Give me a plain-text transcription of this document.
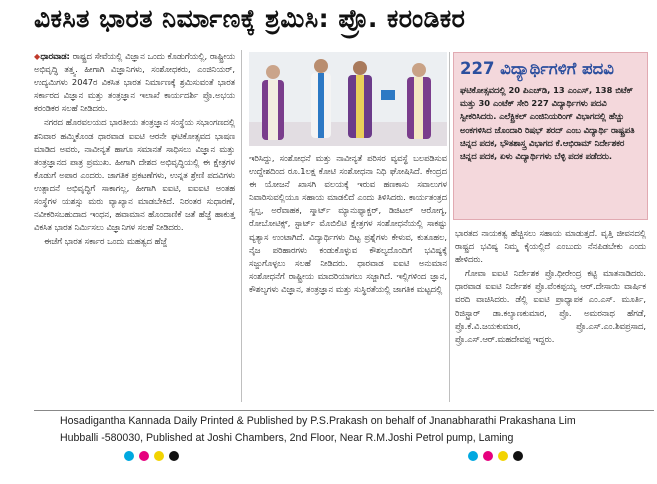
ವಿಕಸಿತ ಭಾರತ ನಿರ್ಮಾಣಕ್ಕೆ ಶ್ರಮಿಸಿ: ಪ್ರೊ. ಕರಂಡಿಕರ

◆ಧಾರವಾಡ: ರಾಷ್ಟ್ರದ ಸೇವೆಯಲ್ಲಿ ವಿಜ್ಞಾನ ಒಂದು ಕೊಡುಗೆಯಲ್ಲಿ, ರಾಷ್ಟ್ರೀಯ ಅಭಿವೃದ್ಧಿ ತತ್ತ್ವ. ಹೀಗಾಗಿ ವಿಜ್ಞಾನಿಗಳು, ಸಂಶೋಧಕರು, ಎಂಜಿನಿಯರ್, ಉದ್ಯಮಿಗಳು 2047ರ ವಿಕಸಿತ ಭಾರತ ನಿರ್ಮಾಣಕ್ಕೆ ಶ್ರಮಿಸುವಂತೆ ಭಾರತ ಸರ್ಕಾರದ ವಿಜ್ಞಾನ ಮತ್ತು ತಂತ್ರಜ್ಞಾನ ಇಲಾಖೆ ಕಾರ್ಯದರ್ಶಿ ಪ್ರೊ.ಅಭಯ ಕರಂಡಿಕರ ಸಲಹೆ ನೀಡಿದರು.

ನಗರದ ಹೊರವಲಯದ ಭಾರತೀಯ ತಂತ್ರಜ್ಞಾನ ಸಂಸ್ಥೆಯ ಸಭಾಂಗಣದಲ್ಲಿ ಶನಿವಾರ ಹಮ್ಮಿಕೊಂಡ ಧಾರವಾಡ ಐಐಟಿ ಆರನೇ ಘಟಿಕೋತ್ಸವದ ಭಾಷಣ ಮಾಡಿದ ಅವರು, ನಾವೀನ್ಯತೆ ಹಾಗೂ ಸಮಾನತೆ ಸಾಧಿಸಲು ವಿಜ್ಞಾನ ಮತ್ತು ತಂತ್ರಜ್ಞಾನದ ಪಾತ್ರ ಪ್ರಮುಖ. ಹೀಗಾಗಿ ದೇಶದ ಅಭಿವೃದ್ಧಿಯಲ್ಲಿ ಈ ಕ್ಷೇತ್ರಗಳ ಕೊಡುಗೆ ಅಪಾರ ಎಂದರು. ಜಾಗತಿಕ ಪ್ರಕಟಣೆಗಳು, ಉನ್ನತ ಶ್ರೇಣಿ ಪದವಿಗಳು ಉತ್ಪಾದನೆ ಅಭಿವೃದ್ಧಿಗೆ ಸಾಕಾಗಲ್ಲ, ಹೀಗಾಗಿ ಐಐಟಿ, ಐಐಐಟಿ ಅಂತಹ ಸಂಸ್ಥೆಗಳ ಯಶಸ್ಸು ಮರು ವ್ಯಾಖ್ಯಾನ ಮಾಡಬೇಕಿದೆ. ನಿರಂತರ ಸುಧಾರಣೆ, ನವೀಕರಿಸಬಹುದಾದ ಇಂಧನ, ಹವಾಮಾನ ಹೊಂದಾಣಿಕೆ ಜತೆ ಹೆಜ್ಜೆ ಹಾಕುತ್ತ ವಿಕಸಿತ ಭಾರತ ನಿರ್ಮಿಸಲು ವಿಜ್ಞಾನಿಗಳ ಸಲಹೆ ನೀಡಿದರು.

ಈಚೆಗೆ ಭಾರತ ಸರ್ಕಾರ ಒಂದು ಮಹತ್ವದ ಹೆಜ್ಜೆ

ಇರಿಸಿದ್ದು, ಸಂಶೋಧನೆ ಮತ್ತು ನಾವೀನ್ಯತೆ ಪರಿಸರ ವ್ಯವಸ್ಥೆ ಬಲಪಡಿಸುವ ಉದ್ದೇಶದಿಂದ ರೂ.1ಲಕ್ಷ ಕೋಟಿ ಸಂಶೋಧನಾ ನಿಧಿ ಘೋಷಿಸಿದೆ. ಕೇಂದ್ರದ ಈ ಯೋಜನೆ ಖಾಸಗಿ ವಲಯಕ್ಕೆ ಇರುವ ಹಣಕಾಸು ಸವಾಲುಗಳ ನಿವಾರಿಸುವಲ್ಲಿಯೂ ಸಹಾಯ ಮಾಡಲಿದೆ ಎಂದು ತಿಳಿಸಿದರು. ಕಾರ್ಯತಂತ್ರದ ಸ್ವಲ್ಪ, ಅರೆವಾಹಕ, ಸ್ಮಾರ್ಟ್ ಮ್ಯಾನುಫ್ಯಾಕ್ಚರ್, ಡಿಜಿಟಲ್ ಆರೋಗ್ಯ, ರೋಬೋಟಿಕ್ಸ್, ಸ್ಟಾರ್ಟ್ ಮೊಬಿಲಿಟಿ ಕ್ಷೇತ್ರಗಳ ಸಂಶೋಧನೆಯಲ್ಲಿ ಸಾಕಷ್ಟು ವ್ಯತ್ಯಾಸ ಉಂಟಾಗಿದೆ. ವಿದ್ಯಾರ್ಥಿಗಳು ದಿಟ್ಟ ಪ್ರಶ್ನೆಗಳು ಕೇಳುವ, ಕುತೂಹಲ, ನೈಜ ಪರಿಹಾರಗಳು ಕಂಡುಕೊಳ್ಳುವ ಕೌಶಲ್ಯದೊಂದಿಗೆ ಭವಿಷ್ಯಕ್ಕೆ ಸಜ್ಜುಗೊಳ್ಳಲು ಸಲಹೆ ನೀಡಿದರು. ಧಾರವಾಡ ಐಐಟಿ ಅನುಮಾನ ಸಂಶೋಧನೆಗೆ ರಾಷ್ಟ್ರೀಯ ಮಾದರಿಯಾಗಲು ಸಜ್ಜಾಗಿದೆ. ಇಲ್ಲಿಗಳಿಂದ ಜ್ಞಾನ, ಕೌಶಲ್ಯಗಳು ವಿಜ್ಞಾನ, ತಂತ್ರಜ್ಞಾನ ಮತ್ತು ಸುಸ್ಥಿರತೆಯಲ್ಲಿ ಜಾಗತಿಕ ಮಟ್ಟದಲ್ಲಿ

227 ವಿದ್ಯಾರ್ಥಿಗಳಿಗೆ ಪದವಿ
ಘಟಿಕೋತ್ಸವದಲ್ಲಿ 20 ಪಿಎಚ್‌ಡಿ, 13 ಎಂಎಸ್, 138 ಬಿಟೆಕ್ ಮತ್ತು 30 ಎಂಟೆಕ್ ಸೇರಿ 227 ವಿದ್ಯಾರ್ಥಿಗಳು ಪದವಿ ಸ್ವೀಕರಿಸಿದರು. ಎಲೆಕ್ಟ್ರಿಕಲ್ ಎಂಜಿನಿಯರಿಂಗ್ ವಿಭಾಗದಲ್ಲಿ ಹೆಚ್ಚು ಅಂಕಗಳಿಸಿದ ಜೊಂದಾರಿ ರಿಷಭ್ ಶರದ್ ಎಂಬ ವಿದ್ಯಾರ್ಥಿ ರಾಷ್ಟ್ರಪತಿ ಚಿನ್ನದ ಪದಕ, ಭೌತಶಾಸ್ತ್ರ ವಿಭಾಗದ ಕೆ.ಆಭಿರಾಮ್ ನಿರ್ದೇಶಕರ ಚಿನ್ನದ ಪದಕ, ಏಳು ವಿದ್ಯಾರ್ಥಿಗಳು ಬೆಳ್ಳಿ ಪದಕ ಪಡೆದರು.

ಭಾರತದ ನಾಯಕತ್ವ ಹೆಚ್ಚಿಸಲು ಸಹಾಯ ಮಾಡುತ್ತದೆ. ವೃತ್ತಿ ಜೀವನದಲ್ಲಿ ರಾಷ್ಟ್ರದ ಭವಿಷ್ಯ ನಿಮ್ಮ ಕೈಯಲ್ಲಿದೆ ಎಂಬುದು ನೆನಪಿಡಬೇಕು ಎಂದು ಹೇಳಿದರು.

ಗೋವಾ ಐಐಟಿ ನಿರ್ದೇಶಕ ಪ್ರೊ.ಧೀರೇಂದ್ರ ಕಟ್ಟಿ ಮಾತನಾಡಿದರು. ಧಾರವಾಡ ಐಐಟಿ ನಿರ್ದೇಶಕ ಪ್ರೊ.ವೆಂಕಪ್ಪಯ್ಯ ಆರ್.ದೇಸಾಯಿ ವಾರ್ಷಿಕ ವರದಿ ವಾಚಿಸಿದರು. ಡೆಲ್ಲಿ ಐಐಟಿ ಪ್ರಾಧ್ಯಾಪಕ ಎಂ.ಎಸ್. ಮೂರ್ತಿ, ರಿಜಿಸ್ಟ್ರಾರ್ ಡಾ.ಕಲ್ಯಾಣಕುಮಾರ, ಪ್ರೊ. ಅಮರನಾಥ ಹೆಗಡೆ, ಪ್ರೊ.ಕೆ.ವಿ.ಜಯಕುಮಾರ, ಪ್ರೊ.ಎಸ್.ಎಂ.ಶಿವಪ್ರಸಾದ, ಪ್ರೊ.ಎಸ್.ಆರ್.ಮಹದೇವಪ್ಪ ಇದ್ದರು.

Hosadigantha Kannada Daily Printed & Published by P.S.Prakash on behalf of Jnanabharathi Prakashana Lim
Hubballi -580030, Published at Joshi Chambers, 2nd Floor, Near R.M.Joshi Petrol pump, Laming
